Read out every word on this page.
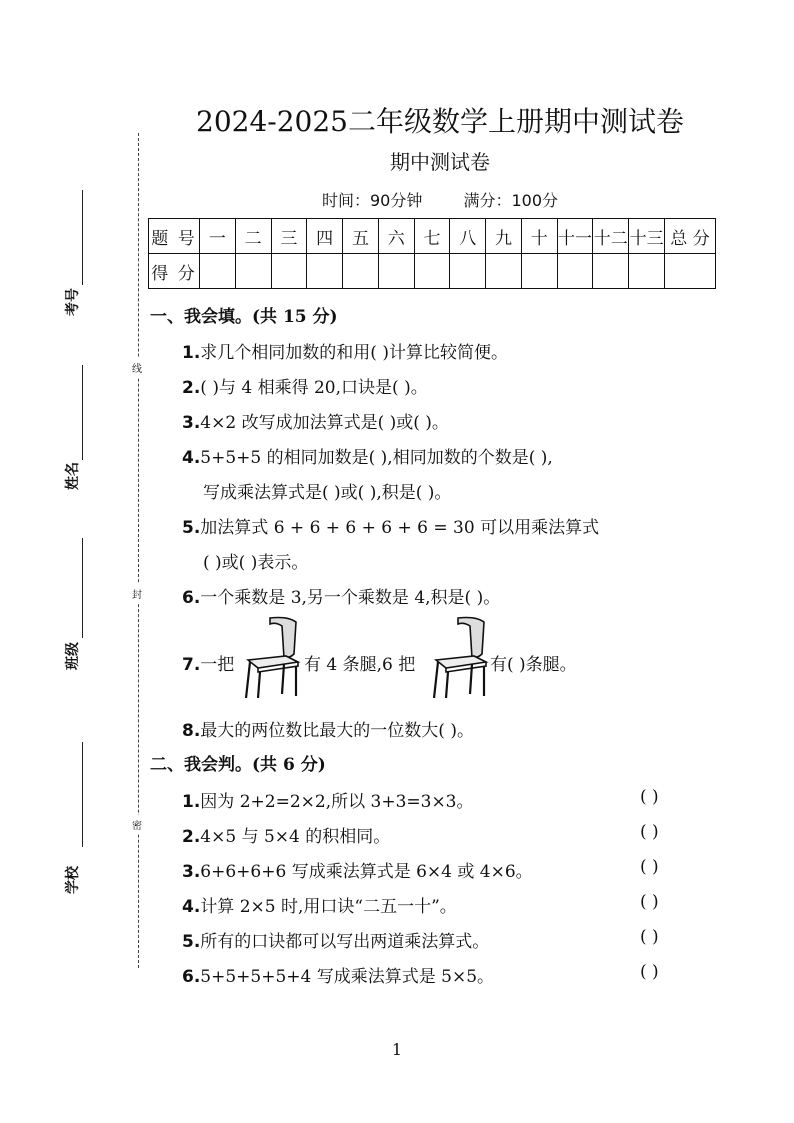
考号
姓名
班级
学校
线
封
密
2024-2025二年级数学上册期中测试卷
期中测试卷
时间：90分钟	满分：100分
题 号	一	二	三	四	五	六	七	八	九	十	十一	十二	十三	总 分
得 分														
一、我会填。(共 15 分)
1.求几个相同加数的和用( )计算比较简便。
2.( )与 4 相乘得 20,口诀是( )。
3.4×2 改写成加法算式是( )或( )。
4.5+5+5 的相同加数是( ),相同加数的个数是( ),
写成乘法算式是( )或( ),积是( )。
5.加法算式 6 + 6 + 6 + 6 + 6 = 30 可以用乘法算式
( )或( )表示。
6.一个乘数是 3,另一个乘数是 4,积是( )。
7.一把	有 4 条腿,6 把	有( )条腿。
8.最大的两位数比最大的一位数大( )。
二、我会判。(共 6 分)
1.因为 2+2=2×2,所以 3+3=3×3。	( )
2.4×5 与 5×4 的积相同。	( )
3.6+6+6+6 写成乘法算式是 6×4 或 4×6。	( )
4.计算 2×5 时,用口诀“二五一十”。	( )
5.所有的口诀都可以写出两道乘法算式。	( )
6.5+5+5+5+4 写成乘法算式是 5×5。	( )
1
